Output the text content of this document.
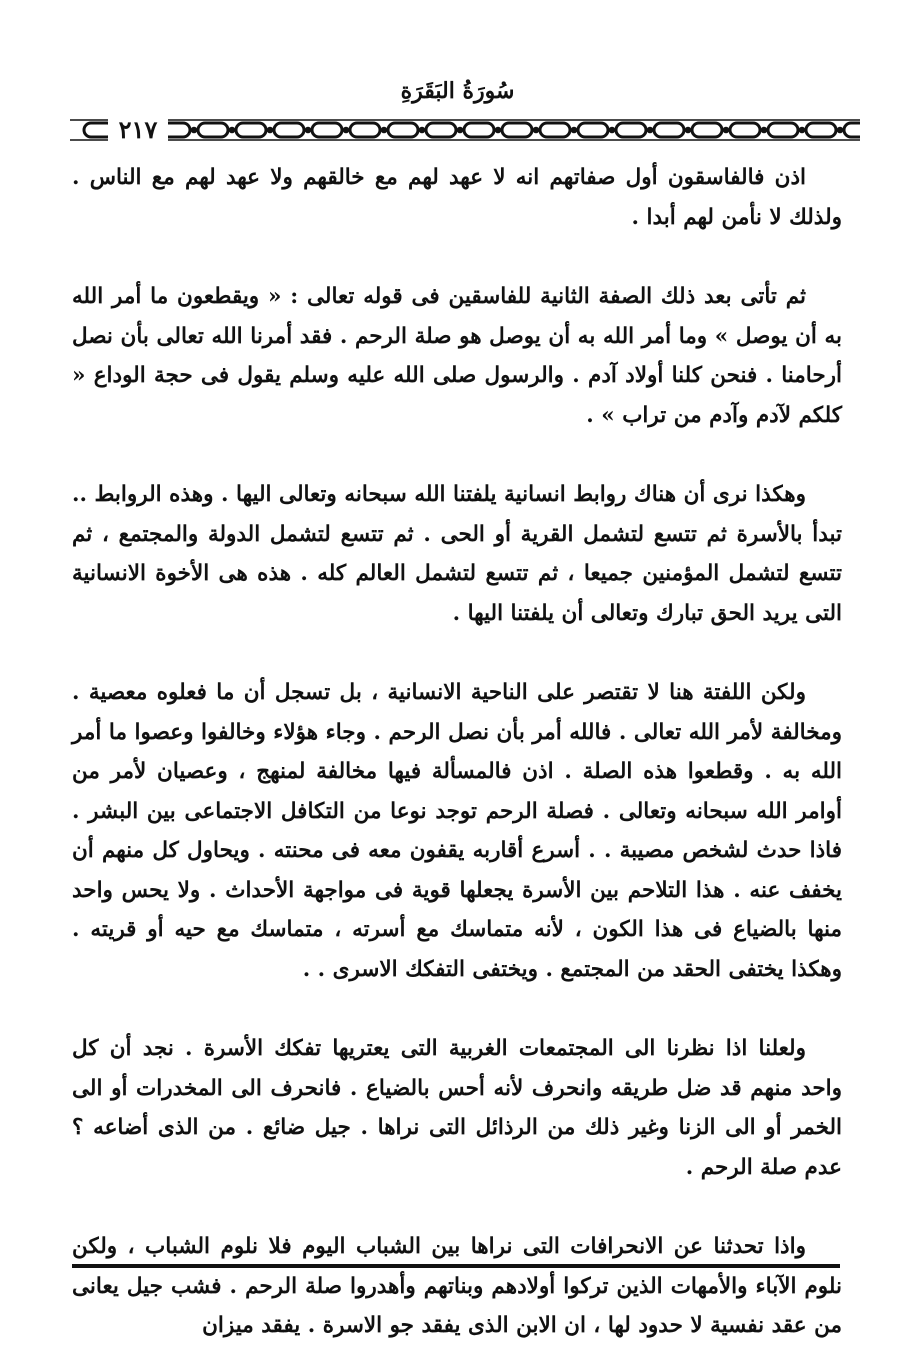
سُورَةُ البَقَرَةِ
٢١٧

اذن فالفاسقون أول صفاتهم انه لا عهد لهم مع خالقهم ولا عهد لهم مع الناس . ولذلك لا نأمن لهم أبدا .

ثم تأتى بعد ذلك الصفة الثانية للفاسقين فى قوله تعالى : « ويقطعون ما أمر الله به أن يوصل » وما أمر الله به أن يوصل هو صلة الرحم . فقد أمرنا الله تعالى بأن نصل أرحامنا . فنحن كلنا أولاد آدم . والرسول صلى الله عليه وسلم يقول فى حجة الوداع « كلكم لآدم وآدم من تراب » .

وهكذا نرى أن هناك روابط انسانية يلفتنا الله سبحانه وتعالى اليها . وهذه الروابط .. تبدأ بالأسرة ثم تتسع لتشمل القرية أو الحى . ثم تتسع لتشمل الدولة والمجتمع ، ثم تتسع لتشمل المؤمنين جميعا ، ثم تتسع لتشمل العالم كله . هذه هى الأخوة الانسانية التى يريد الحق تبارك وتعالى أن يلفتنا اليها .

ولكن اللفتة هنا لا تقتصر على الناحية الانسانية ، بل تسجل أن ما فعلوه معصية . ومخالفة لأمر الله تعالى . فالله أمر بأن نصل الرحم . وجاء هؤلاء وخالفوا وعصوا ما أمر الله به . وقطعوا هذه الصلة . اذن فالمسألة فيها مخالفة لمنهج ، وعصيان لأمر من أوامر الله سبحانه وتعالى . فصلة الرحم توجد نوعا من التكافل الاجتماعى بين البشر . فاذا حدث لشخص مصيبة . . أسرع أقاربه يقفون معه فى محنته . ويحاول كل منهم أن يخفف عنه . هذا التلاحم بين الأسرة يجعلها قوية فى مواجهة الأحداث . ولا يحس واحد منها بالضياع فى هذا الكون ، لأنه متماسك مع أسرته ، متماسك مع حيه أو قريته . وهكذا يختفى الحقد من المجتمع . ويختفى التفكك الاسرى . .

ولعلنا اذا نظرنا الى المجتمعات الغربية التى يعتريها تفكك الأسرة . نجد أن كل واحد منهم قد ضل طريقه وانحرف لأنه أحس بالضياع . فانحرف الى المخدرات أو الى الخمر أو الى الزنا وغير ذلك من الرذائل التى نراها . جيل ضائع . من الذى أضاعه ؟ عدم صلة الرحم .

واذا تحدثنا عن الانحرافات التى نراها بين الشباب اليوم فلا نلوم الشباب ، ولكن نلوم الآباء والأمهات الذين تركوا أولادهم وبناتهم وأهدروا صلة الرحم . فشب جيل يعانى من عقد نفسية لا حدود لها ، ان الابن الذى يفقد جو الاسرة . يفقد ميزان
